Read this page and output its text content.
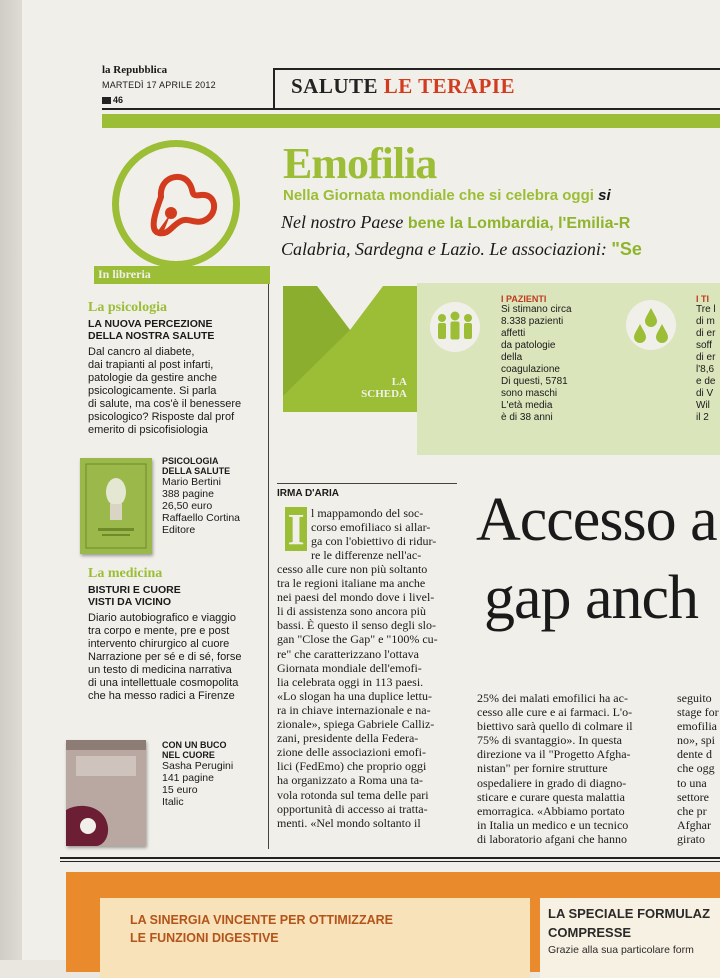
la Repubblica
MARTEDÌ 17 APRILE 2012
46
SALUTE LE TERAPIE
In libreria
Emofilia
Nella Giornata mondiale che si celebra oggi si
Nel nostro Paese bene la Lombardia, l'Emilia-R
Calabria, Sardegna e Lazio. Le associazioni: "Se
La psicologia
LA NUOVA PERCEZIONE
DELLA NOSTRA SALUTE
Dal cancro al diabete,
dai trapianti al post infarti,
patologie da gestire anche
psicologicamente. Si parla
di salute, ma cos'è il benessere
psicologico? Risposte dal prof
emerito di psicofisiologia
PSICOLOGIA
DELLA SALUTE
Mario Bertini
388 pagine
26,50 euro
Raffaello Cortina
Editore
La medicina
BISTURI E CUORE
VISTI DA VICINO
Diario autobiografico e viaggio
tra corpo e mente, pre e post
intervento chirurgico al cuore
Narrazione per sé e di sé, forse
un testo di medicina narrativa
di una intellettuale cosmopolita
che ha messo radici a Firenze
CON UN BUCO
NEL CUORE
Sasha Perugini
141 pagine
15 euro
Italic
LA
SCHEDA
I PAZIENTI
Si stimano circa
8.338 pazienti
affetti
da patologie
della
coagulazione
Di questi, 5781
sono maschi
L'età media
è di 38 anni
I TI
Tre l
di m
di er
soff
di er
l'8,6
e de
di V
Wil
il 2
IRMA D'ARIA
I l mappamondo del soc-

corso emofiliaco si allar-

ga con l'obiettivo di ridur-

re le differenze nell'ac-

cesso alle cure non più soltanto

tra le regioni italiane ma anche

nei paesi del mondo dove i livel-

li di assistenza sono ancora più

bassi. È questo il senso degli slo-

gan "Close the Gap" e "100% cu-

re" che caratterizzano l'ottava

Giornata mondiale dell'emofi-

lia celebrata oggi in 113 paesi.

«Lo slogan ha una duplice lettu-

ra in chiave internazionale e na-

zionale», spiega Gabriele Calliz-

zani, presidente della Federa-

zione delle associazioni emofi-

lici (FedEmo) che proprio oggi

ha organizzato a Roma una ta-

vola rotonda sul tema delle pari

opportunità di accesso ai tratta-

menti. «Nel mondo soltanto il

Accesso a
gap anch

25% dei malati emofilici ha ac-

cesso alle cure e ai farmaci. L'o-

biettivo sarà quello di colmare il

75% di svantaggio». In questa

direzione va il "Progetto Afgha-

nistan" per fornire strutture

ospedaliere in grado di diagno-

sticare e curare questa malattia

emorragica. «Abbiamo portato

in Italia un medico e un tecnico

di laboratorio afgani che hanno

seguito

stage for

emofilia

no», spi

dente d

che ogg

to una

settore

che pr

Afghar

girato

LA SINERGIA VINCENTE PER OTTIMIZZARE
LE FUNZIONI DIGESTIVE
LA SPECIALE FORMULAZ
COMPRESSE
Grazie alla sua particolare form
